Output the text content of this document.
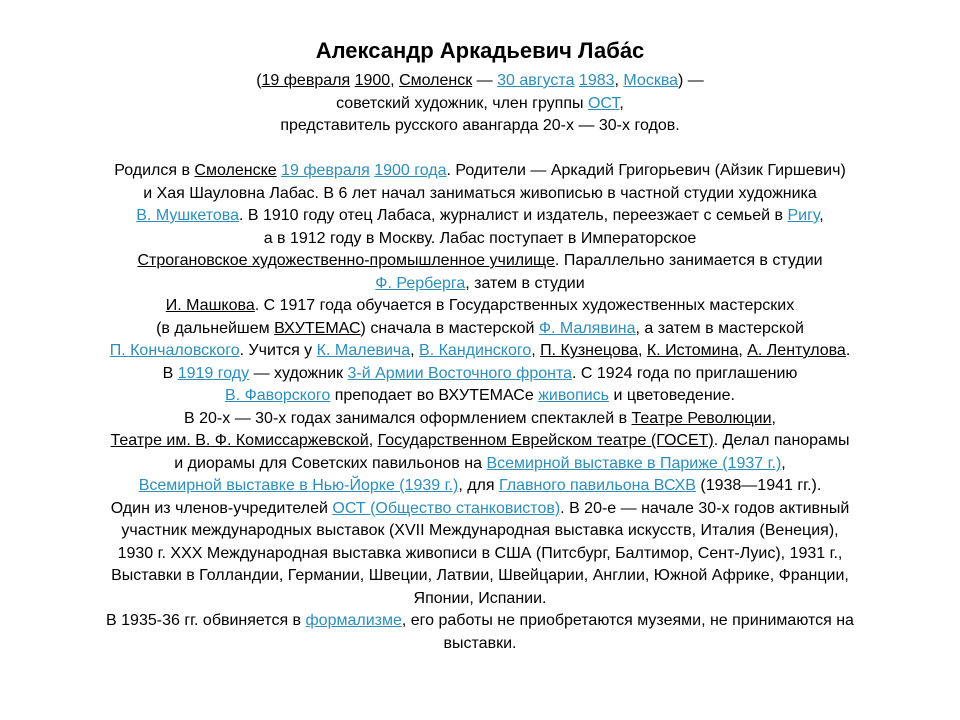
Александр Аркадьевич Лаба́с
(19 февраля 1900, Смоленск — 30 августа 1983, Москва) —
советский художник, член группы ОСТ,
представитель русского авангарда 20-х — 30-х годов.
Родился в Смоленске 19 февраля 1900 года. Родители — Аркадий Григорьевич (Айзик Гиршевич)
и Хая Шауловна Лабас. В 6 лет начал заниматься живописью в частной студии художника
В. Мушкетова. В 1910 году отец Лабаса, журналист и издатель, переезжает с семьей в Ригу,
а в 1912 году в Москву. Лабас поступает в Императорское
Строгановское художественно-промышленное училище. Параллельно занимается в студии
Ф. Рерберга, затем в студии
И. Машкова. С 1917 года обучается в Государственных художественных мастерских
(в дальнейшем ВХУТЕМАС) сначала в мастерской Ф. Малявина, а затем в мастерской
П. Кончаловского. Учится у К. Малевича, В. Кандинского, П. Кузнецова, К. Истомина, А. Лентулова.
В 1919 году — художник 3-й Армии Восточного фронта. С 1924 года по приглашению
В. Фаворского преподает во ВХУТЕМАСе живопись и цветоведение.
В 20-х — 30-х годах занимался оформлением спектаклей в Театре Революции,
Театре им. В. Ф. Комиссаржевской, Государственном Еврейском театре (ГОСЕТ). Делал панорамы
и диорамы для Советских павильонов на Всемирной выставке в Париже (1937 г.),
Всемирной выставке в Нью-Йорке (1939 г.), для Главного павильона ВСХВ (1938—1941 гг.).
Один из членов-учредителей ОСТ (Общество станковистов). В 20-е — начале 30-х годов активный
участник международных выставок (XVII Международная выставка искусств, Италия (Венеция),
1930 г. XXX Международная выставка живописи в США (Питсбург, Балтимор, Сент-Луис), 1931 г.,
Выставки в Голландии, Германии, Швеции, Латвии, Швейцарии, Англии, Южной Африке, Франции,
Японии, Испании.
В 1935-36 гг. обвиняется в формализме, его работы не приобретаются музеями, не принимаются на
выставки.
